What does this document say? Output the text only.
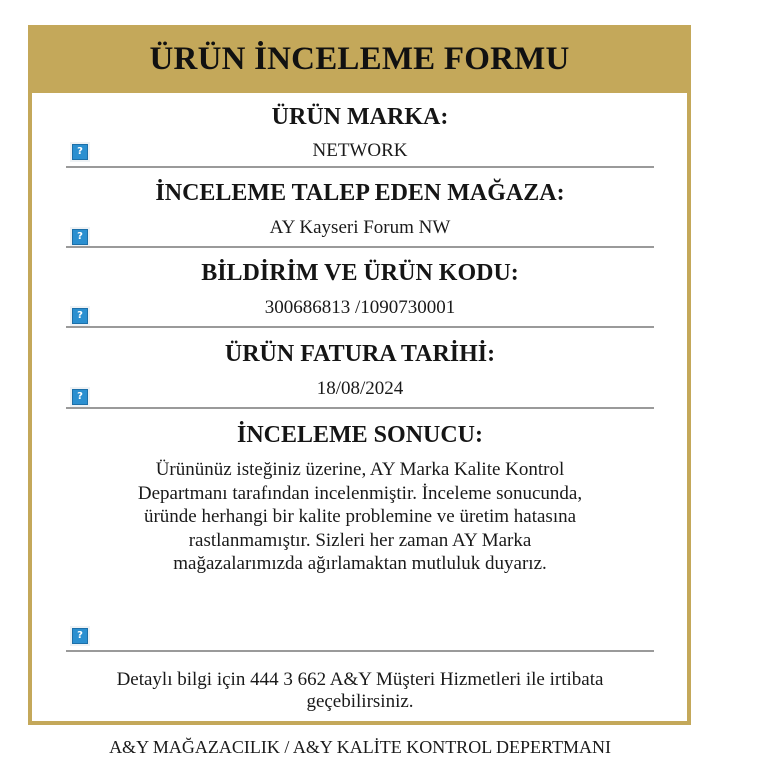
ÜRÜN İNCELEME FORMU
ÜRÜN MARKA:
?	NETWORK
İNCELEME TALEP EDEN MAĞAZA:
?	AY Kayseri Forum NW
BİLDİRİM VE ÜRÜN KODU:
?	300686813 /1090730001
ÜRÜN FATURA TARİHİ:
?	18/08/2024
İNCELEME SONUCU:
Ürününüz isteğiniz üzerine, AY Marka Kalite Kontrol
Departmanı tarafından incelenmiştir. İnceleme sonucunda,
üründe herhangi bir kalite problemine ve üretim hatasına
rastlanmamıştır. Sizleri her zaman AY Marka
mağazalarımızda ağırlamaktan mutluluk duyarız.
?
Detaylı bilgi için 444 3 662 A&Y Müşteri Hizmetleri ile irtibata
geçebilirsiniz.
A&Y MAĞAZACILIK / A&Y KALİTE KONTROL DEPERTMANI
